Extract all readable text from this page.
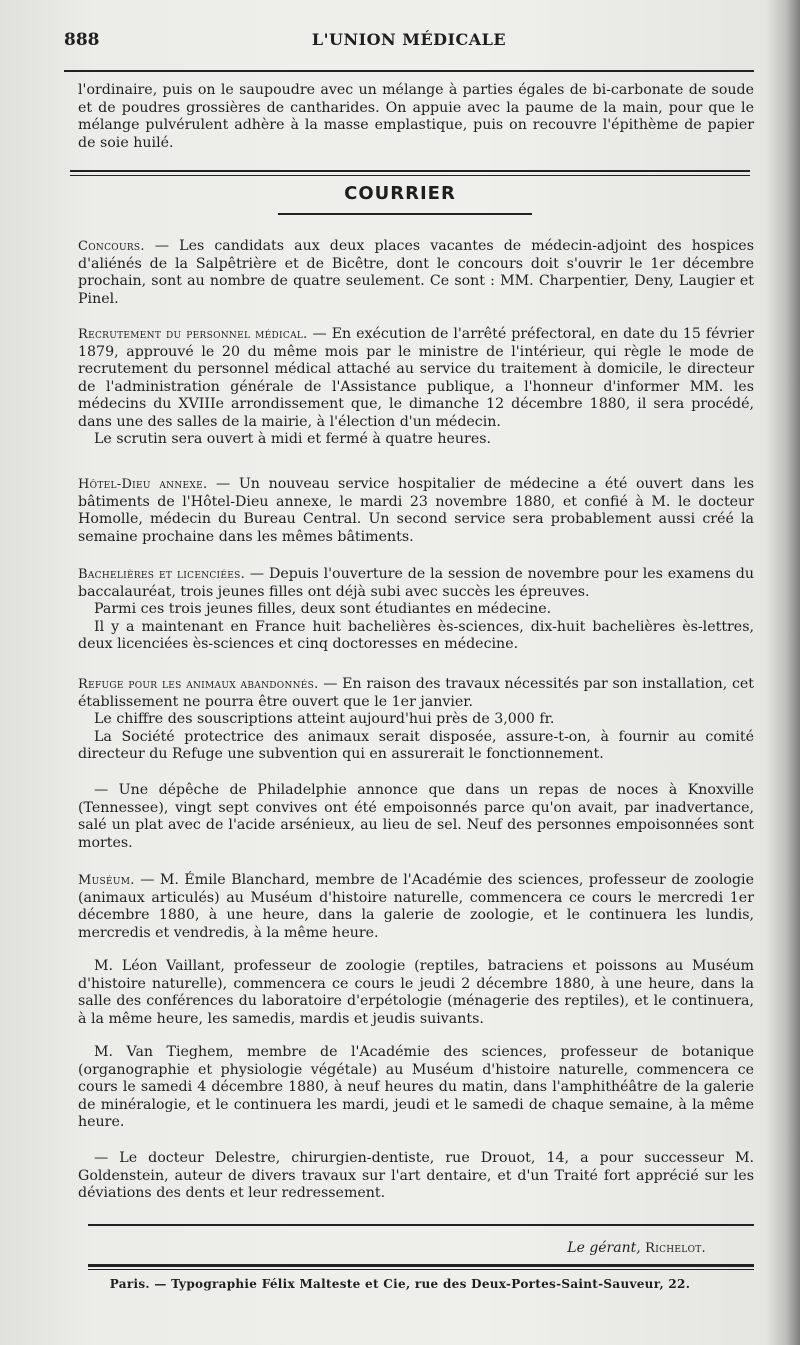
888	L'UNION MÉDICALE

l'ordinaire, puis on le saupoudre avec un mélange à parties égales de bi-carbonate de soude et de poudres grossières de cantharides. On appuie avec la paume de la main, pour que le mélange pulvérulent adhère à la masse emplastique, puis on recouvre l'épithème de papier de soie huilé.

COURRIER

Concours. — Les candidats aux deux places vacantes de médecin-adjoint des hospices d'aliénés de la Salpêtrière et de Bicêtre, dont le concours doit s'ouvrir le 1er décembre prochain, sont au nombre de quatre seulement. Ce sont : MM. Charpentier, Deny, Laugier et Pinel.

Recrutement du personnel médical. — En exécution de l'arrêté préfectoral, en date du 15 février 1879, approuvé le 20 du même mois par le ministre de l'intérieur, qui règle le mode de recrutement du personnel médical attaché au service du traitement à domicile, le directeur de l'administration générale de l'Assistance publique, a l'honneur d'informer MM. les médecins du XVIIIe arrondissement que, le dimanche 12 décembre 1880, il sera procédé, dans une des salles de la mairie, à l'élection d'un médecin.

Le scrutin sera ouvert à midi et fermé à quatre heures.

Hôtel-Dieu annexe. — Un nouveau service hospitalier de médecine a été ouvert dans les bâtiments de l'Hôtel-Dieu annexe, le mardi 23 novembre 1880, et confié à M. le docteur Homolle, médecin du Bureau Central. Un second service sera probablement aussi créé la semaine prochaine dans les mêmes bâtiments.

Bachelières et licenciées. — Depuis l'ouverture de la session de novembre pour les examens du baccalauréat, trois jeunes filles ont déjà subi avec succès les épreuves.

Parmi ces trois jeunes filles, deux sont étudiantes en médecine.

Il y a maintenant en France huit bachelières ès-sciences, dix-huit bachelières ès-lettres, deux licenciées ès-sciences et cinq doctoresses en médecine.

Refuge pour les animaux abandonnés. — En raison des travaux nécessités par son installation, cet établissement ne pourra être ouvert que le 1er janvier.

Le chiffre des souscriptions atteint aujourd'hui près de 3,000 fr.

La Société protectrice des animaux serait disposée, assure-t-on, à fournir au comité directeur du Refuge une subvention qui en assurerait le fonctionnement.

— Une dépêche de Philadelphie annonce que dans un repas de noces à Knoxville (Tennessee), vingt sept convives ont été empoisonnés parce qu'on avait, par inadvertance, salé un plat avec de l'acide arsénieux, au lieu de sel. Neuf des personnes empoisonnées sont mortes.

Muséum. — M. Émile Blanchard, membre de l'Académie des sciences, professeur de zoologie (animaux articulés) au Muséum d'histoire naturelle, commencera ce cours le mercredi 1er décembre 1880, à une heure, dans la galerie de zoologie, et le continuera les lundis, mercredis et vendredis, à la même heure.

M. Léon Vaillant, professeur de zoologie (reptiles, batraciens et poissons au Muséum d'histoire naturelle), commencera ce cours le jeudi 2 décembre 1880, à une heure, dans la salle des conférences du laboratoire d'erpétologie (ménagerie des reptiles), et le continuera, à la même heure, les samedis, mardis et jeudis suivants.

M. Van Tieghem, membre de l'Académie des sciences, professeur de botanique (organographie et physiologie végétale) au Muséum d'histoire naturelle, commencera ce cours le samedi 4 décembre 1880, à neuf heures du matin, dans l'amphithéâtre de la galerie de minéralogie, et le continuera les mardi, jeudi et le samedi de chaque semaine, à la même heure.

— Le docteur Delestre, chirurgien-dentiste, rue Drouot, 14, a pour successeur M. Goldenstein, auteur de divers travaux sur l'art dentaire, et d'un Traité fort apprécié sur les déviations des dents et leur redressement.

Le gérant, Richelot.
Paris. — Typographie Félix Malteste et Cie, rue des Deux-Portes-Saint-Sauveur, 22.
